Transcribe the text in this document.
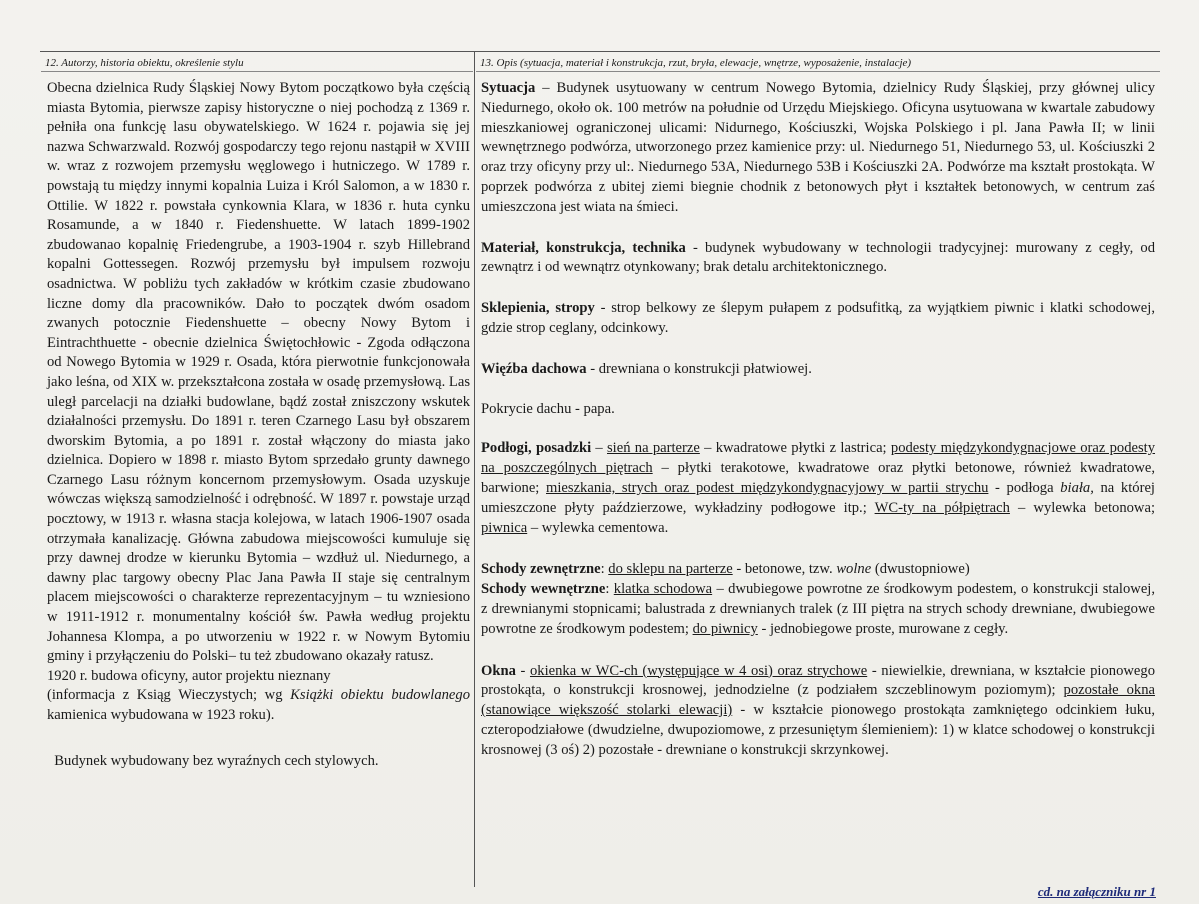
12. Autorzy, historia obiektu, określenie stylu	13. Opis (sytuacja, materiał i konstrukcja, rzut, bryła, elewacje, wnętrze, wyposażenie, instalacje)

Obecna dzielnica Rudy Śląskiej Nowy Bytom początkowo była częścią miasta Bytomia, pierwsze zapisy historyczne o niej pochodzą z 1369 r. pełniła ona funkcję lasu obywatelskiego. W 1624 r. pojawia się jej nazwa Schwarzwald. Rozwój gospodarczy tego rejonu nastąpił w XVIII w. wraz z rozwojem przemysłu węglowego i hutniczego. W 1789 r. powstają tu między innymi kopalnia Luiza i Król Salomon, a w 1830 r. Ottilie. W 1822 r. powstała cynkownia Klara, w 1836 r. huta cynku Rosamunde, a w 1840 r. Fiedenshuette. W latach 1899-1902 zbudowanao kopalnię Friedengrube, a 1903-1904 r. szyb Hillebrand kopalni Gottessegen. Rozwój przemysłu był impulsem rozwoju osadnictwa. W pobliżu tych zakładów w krótkim czasie zbudowano liczne domy dla pracowników. Dało to początek dwóm osadom zwanych potocznie Fiedenshuette – obecny Nowy Bytom i Eintrachthuette - obecnie dzielnica Świętochłowic - Zgoda odłączona od Nowego Bytomia w 1929 r. Osada, która pierwotnie funkcjonowała jako leśna, od XIX w. przekształcona została w osadę przemysłową. Las uległ parcelacji na działki budowlane, bądź został zniszczony wskutek działalności przemysłu. Do 1891 r. teren Czarnego Lasu był obszarem dworskim Bytomia, a po 1891 r. został włączony do miasta jako dzielnica. Dopiero w 1898 r. miasto Bytom sprzedało grunty dawnego Czarnego Lasu różnym koncernom przemysłowym. Osada uzyskuje wówczas większą samodzielność i odrębność. W 1897 r. powstaje urząd pocztowy, w 1913 r. własna stacja kolejowa, w latach 1906-1907 osada otrzymała kanalizację. Główna zabudowa miejscowości kumuluje się przy dawnej drodze w kierunku Bytomia – wzdłuż ul. Niedurnego, a dawny plac targowy obecny Plac Jana Pawła II staje się centralnym placem miejscowości o charakterze reprezentacyjnym – tu wzniesiono w 1911-1912 r. monumentalny kościół św. Pawła według projektu Johannesa Klompa, a po utworzeniu w 1922 r. w Nowym Bytomiu gminy i przyłączeniu do Polski– tu też zbudowano okazały ratusz.

1920 r. budowa oficyny, autor projektu nieznany

(informacja z Ksiąg Wieczystych; wg Książki obiektu budowlanego kamienica wybudowana w 1923 roku).

Budynek wybudowany bez wyraźnych cech stylowych.

Sytuacja – Budynek usytuowany w centrum Nowego Bytomia, dzielnicy Rudy Śląskiej, przy głównej ulicy Niedurnego, około ok. 100 metrów na południe od Urzędu Miejskiego. Oficyna usytuowana w kwartale zabudowy mieszkaniowej ograniczonej ulicami: Nidurnego, Kościuszki, Wojska Polskiego i pl. Jana Pawła II; w linii wewnętrznego podwórza, utworzonego przez kamienice przy: ul. Niedurnego 51, Niedurnego 53, ul. Kościuszki 2 oraz trzy oficyny przy ul:. Niedurnego 53A, Niedurnego 53B i Kościuszki 2A. Podwórze ma kształt prostokąta. W poprzek podwórza z ubitej ziemi biegnie chodnik z betonowych płyt i kształtek betonowych, w centrum zaś umieszczona jest wiata na śmieci.

Materiał, konstrukcja, technika - budynek wybudowany w technologii tradycyjnej: murowany z cegły, od zewnątrz i od wewnątrz otynkowany; brak detalu architektonicznego.

Sklepienia, stropy - strop belkowy ze ślepym pułapem z podsufitką, za wyjątkiem piwnic i klatki schodowej, gdzie strop ceglany, odcinkowy.

Więźba dachowa - drewniana o konstrukcji płatwiowej.

Pokrycie dachu - papa.

Podłogi, posadzki – sień na parterze – kwadratowe płytki z lastrica; podesty międzykondygnacjowe oraz podesty na poszczególnych piętrach – płytki terakotowe, kwadratowe oraz płytki betonowe, również kwadratowe, barwione; mieszkania, strych oraz podest międzykondygnacyjowy w partii strychu - podłoga biała, na której umieszczone płyty paździerzowe, wykładziny podłogowe itp.; WC-ty na półpiętrach – wylewka betonowa; piwnica – wylewka cementowa.

Schody zewnętrzne: do sklepu na parterze - betonowe, tzw. wolne (dwustopniowe)

Schody wewnętrzne: klatka schodowa – dwubiegowe powrotne ze środkowym podestem, o konstrukcji stalowej, z drewnianymi stopnicami; balustrada z drewnianych tralek (z III piętra na strych schody drewniane, dwubiegowe powrotne ze środkowym podestem; do piwnicy - jednobiegowe proste, murowane z cegły.

Okna - okienka w WC-ch (występujące w 4 osi) oraz strychowe - niewielkie, drewniana, w kształcie pionowego prostokąta, o konstrukcji krosnowej, jednodzielne (z podziałem szczeblinowym poziomym); pozostałe okna (stanowiące większość stolarki elewacji) - w kształcie pionowego prostokąta zamkniętego odcinkiem łuku, czteropodziałowe (dwudzielne, dwupoziomowe, z przesuniętym ślemieniem): 1) w klatce schodowej o konstrukcji krosnowej (3 oś) 2) pozostałe - drewniane o konstrukcji skrzynkowej.

cd. na załączniku nr 1
